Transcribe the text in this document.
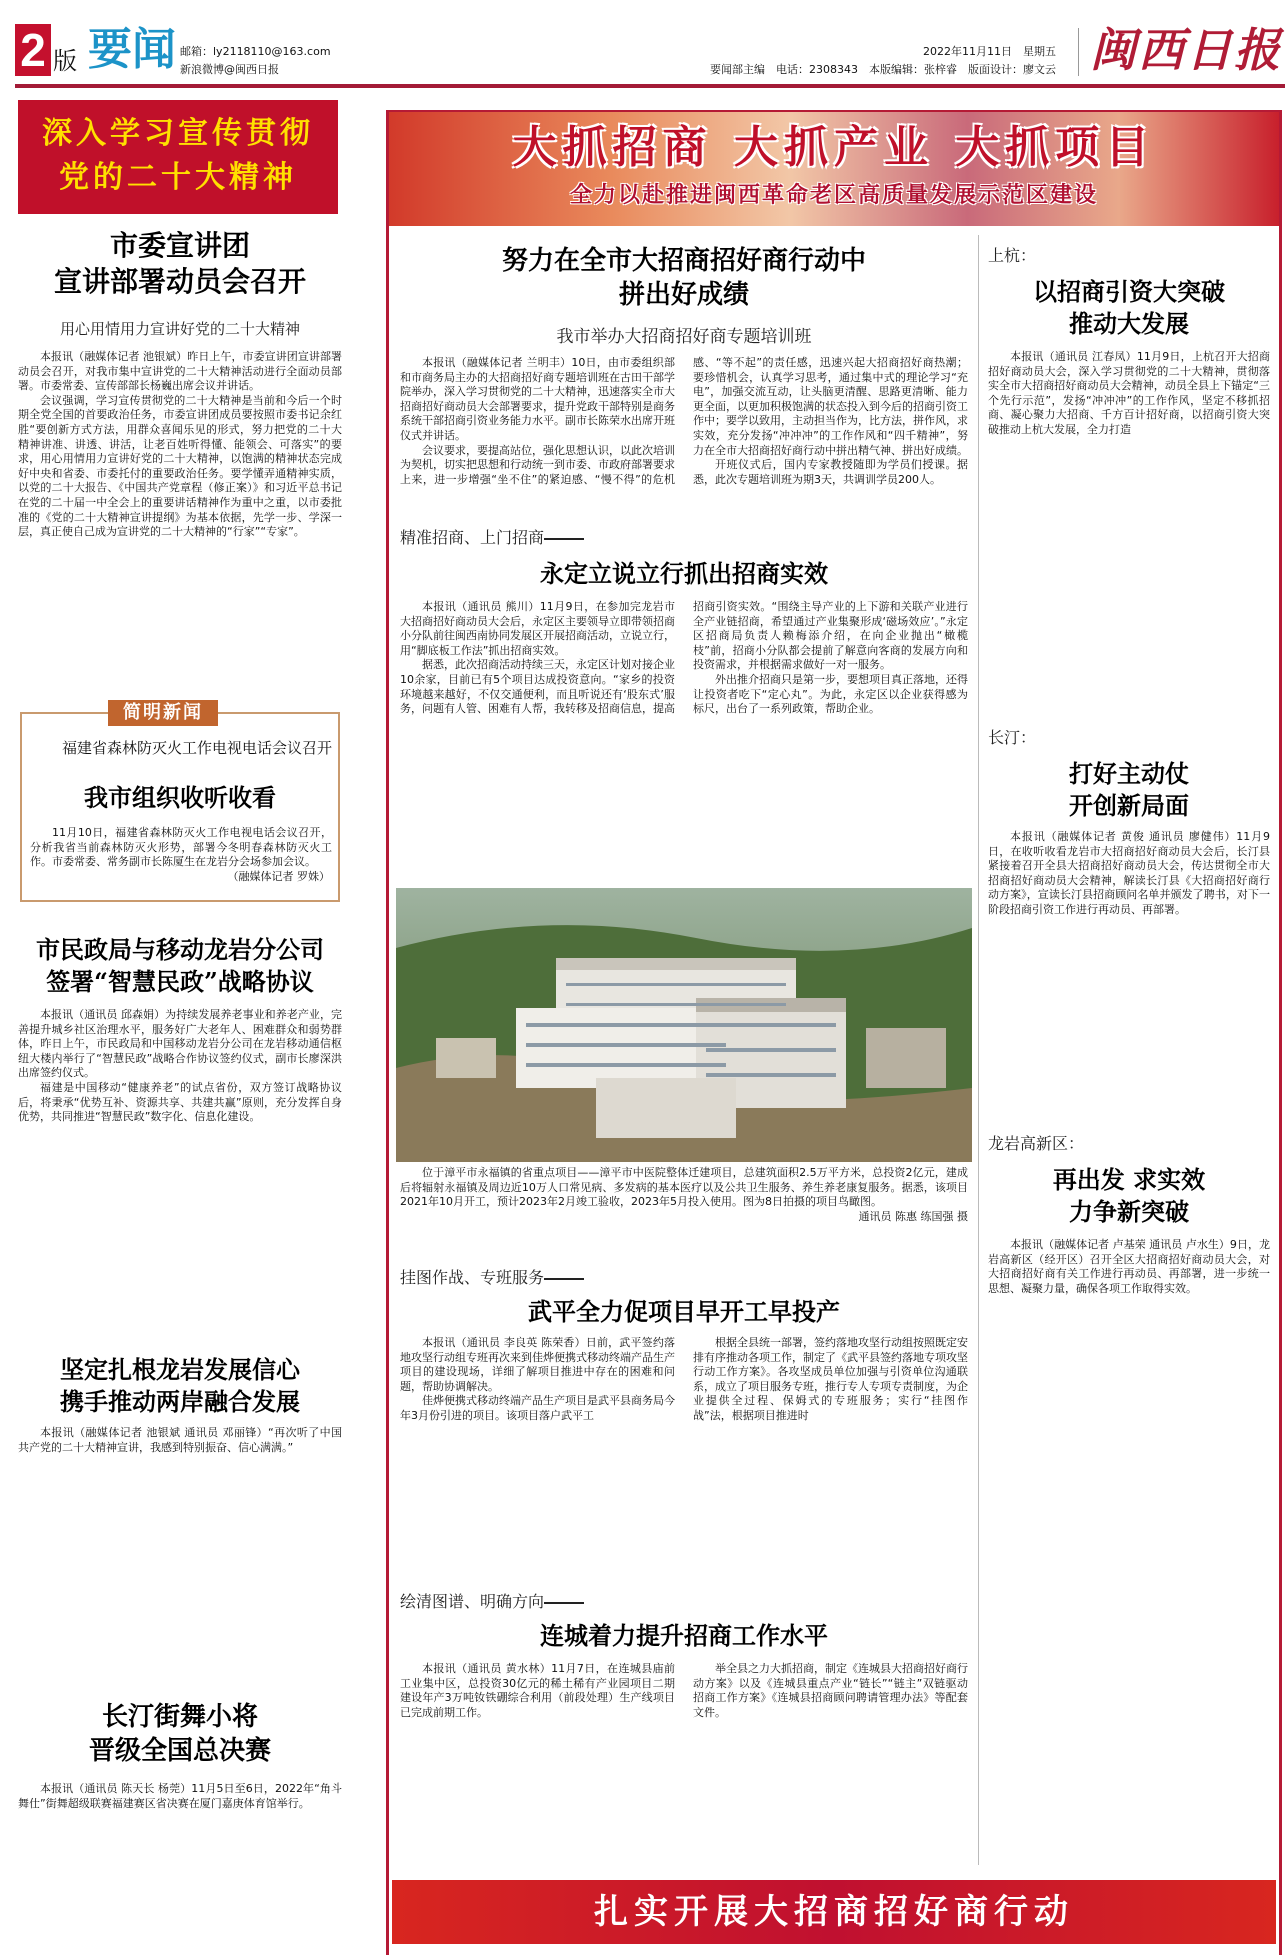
2 版 要闻 邮箱：ly2118110@163.com
新浪微博@闽西日报
2022年11月11日　星期五
要闻部主编　电话：2308343　本版编辑：张梓睿　版面设计：廖文云 闽西日报
深入学习宣传贯彻
党的二十大精神
市委宣讲团
宣讲部署动员会召开
用心用情用力宣讲好党的二十大精神

本报讯（融媒体记者 池银斌）昨日上午，市委宣讲团宣讲部署动员会召开，对我市集中宣讲党的二十大精神活动进行全面动员部署。市委常委、宣传部部长杨巍出席会议并讲话。

会议强调，学习宣传贯彻党的二十大精神是当前和今后一个时期全党全国的首要政治任务，市委宣讲团成员要按照市委书记余红胜“要创新方式方法，用群众喜闻乐见的形式，努力把党的二十大精神讲准、讲透、讲活，让老百姓听得懂、能领会、可落实”的要求，用心用情用力宣讲好党的二十大精神，以饱满的精神状态完成好中央和省委、市委托付的重要政治任务。要学懂弄通精神实质，以党的二十大报告、《中国共产党章程（修正案）》和习近平总书记在党的二十届一中全会上的重要讲话精神作为重中之重，以市委批准的《党的二十大精神宣讲提纲》为基本依据，先学一步、学深一层，真正使自己成为宣讲党的二十大精神的“行家”“专家”。

简明新闻
福建省森林防灭火工作电视电话会议召开
我市组织收听收看

11月10日，福建省森林防灭火工作电视电话会议召开，分析我省当前森林防灭火形势，部署今冬明春森林防灭火工作。市委常委、常务副市长陈厦生在龙岩分会场参加会议。

（融媒体记者 罗姝）
市民政局与移动龙岩分公司
签署“智慧民政”战略协议

本报讯（通讯员 邱森娟）为持续发展养老事业和养老产业，完善提升城乡社区治理水平，服务好广大老年人、困难群众和弱势群体，昨日上午，市民政局和中国移动龙岩分公司在龙岩移动通信枢纽大楼内举行了“智慧民政”战略合作协议签约仪式，副市长廖深洪出席签约仪式。

福建是中国移动“健康养老”的试点省份，双方签订战略协议后，将秉承“优势互补、资源共享、共建共赢”原则，充分发挥自身优势，共同推进“智慧民政”数字化、信息化建设。

坚定扎根龙岩发展信心
携手推动两岸融合发展

本报讯（融媒体记者 池银斌 通讯员 邓丽锋）“再次听了中国共产党的二十大精神宣讲，我感到特别振奋、信心满满。”

长汀街舞小将
晋级全国总决赛

本报讯（通讯员 陈天长 杨莞）11月5日至6日，2022年“角斗舞仕”街舞超级联赛福建赛区省决赛在厦门嘉庚体育馆举行。

大抓招商 大抓产业 大抓项目
全力以赴推进闽西革命老区高质量发展示范区建设
努力在全市大招商招好商行动中
拼出好成绩
我市举办大招商招好商专题培训班

本报讯（融媒体记者 兰明丰）10日，由市委组织部和市商务局主办的大招商招好商专题培训班在古田干部学院举办，深入学习贯彻党的二十大精神，迅速落实全市大招商招好商动员大会部署要求，提升党政干部特别是商务系统干部招商引资业务能力水平。副市长陈荣水出席开班仪式并讲话。

会议要求，要提高站位，强化思想认识，以此次培训为契机，切实把思想和行动统一到市委、市政府部署要求上来，进一步增强“坐不住”的紧迫感、“慢不得”的危机感、“等不起”的责任感，迅速兴起大招商招好商热潮；要珍惜机会，认真学习思考，通过集中式的理论学习“充电”，加强交流互动，让头脑更清醒、思路更清晰、能力更全面，以更加积极饱满的状态投入到今后的招商引资工作中；要学以致用，主动担当作为，比方法，拼作风，求实效，充分发扬“冲冲冲”的工作作风和“四千精神”，努力在全市大招商招好商行动中拼出精气神、拼出好成绩。

开班仪式后，国内专家教授随即为学员们授课。据悉，此次专题培训班为期3天，共调训学员200人。

精准招商、上门招商
永定立说立行抓出招商实效

本报讯（通讯员 熊川）11月9日，在参加完龙岩市大招商招好商动员大会后，永定区主要领导立即带领招商小分队前往闽西南协同发展区开展招商活动，立说立行，用“脚底板工作法”抓出招商实效。

据悉，此次招商活动持续三天，永定区计划对接企业10余家，目前已有5个项目达成投资意向。“家乡的投资环境越来越好，不仅交通便利，而且听说还有‘股东式’服务，问题有人管、困难有人帮，我转移及招商信息，提高招商引资实效。“围绕主导产业的上下游和关联产业进行全产业链招商，希望通过产业集聚形成‘磁场效应’。”永定区招商局负责人赖梅添介绍，在向企业抛出“橄榄枝”前，招商小分队都会提前了解意向客商的发展方向和投资需求，并根据需求做好一对一服务。

外出推介招商只是第一步，要想项目真正落地，还得让投资者吃下“定心丸”。为此，永定区以企业获得感为标尺，出台了一系列政策，帮助企业。

位于漳平市永福镇的省重点项目——漳平市中医院整体迁建项目，总建筑面积2.5万平方米，总投资2亿元，建成后将辐射永福镇及周边近10万人口常见病、多发病的基本医疗以及公共卫生服务、养生养老康复服务。据悉，该项目2021年10月开工，预计2023年2月竣工验收，2023年5月投入使用。图为8日拍摄的项目鸟瞰图。

通讯员 陈惠 练国强 摄
挂图作战、专班服务
武平全力促项目早开工早投产

本报讯（通讯员 李良英 陈荣香）日前，武平签约落地攻坚行动组专班再次来到佳烨便携式移动终端产品生产项目的建设现场，详细了解项目推进中存在的困难和问题，帮助协调解决。

佳烨便携式移动终端产品生产项目是武平县商务局今年3月份引进的项目。该项目落户武平工

根据全县统一部署，签约落地攻坚行动组按照既定安排有序推动各项工作，制定了《武平县签约落地专项攻坚行动工作方案》。各攻坚成员单位加强与引资单位沟通联系，成立了项目服务专班，推行专人专项专责制度，为企业提供全过程、保姆式的专班服务；实行“挂图作战”法，根据项目推进时

绘清图谱、明确方向
连城着力提升招商工作水平

本报讯（通讯员 黄水林）11月7日，在连城县庙前工业集中区，总投资30亿元的稀土稀有产业园项目二期建设年产3万吨钕铁硼综合利用（前段处理）生产线项目已完成前期工作。

举全县之力大抓招商，制定《连城县大招商招好商行动方案》以及《连城县重点产业“链长”“链主”双链驱动招商工作方案》《连城县招商顾问聘请管理办法》等配套文件。

上杭：
以招商引资大突破
推动大发展

本报讯（通讯员 江春凤）11月9日，上杭召开大招商招好商动员大会，深入学习贯彻党的二十大精神，贯彻落实全市大招商招好商动员大会精神，动员全县上下锚定“三个先行示范”，发扬“冲冲冲”的工作作风，坚定不移抓招商、凝心聚力大招商、千方百计招好商，以招商引资大突破推动上杭大发展，全力打造

长汀：
打好主动仗
开创新局面

本报讯（融媒体记者 黄俊 通讯员 廖健伟）11月9日，在收听收看龙岩市大招商招好商动员大会后，长汀县紧接着召开全县大招商招好商动员大会，传达贯彻全市大招商招好商动员大会精神，解读长汀县《大招商招好商行动方案》，宣读长汀县招商顾问名单并颁发了聘书，对下一阶段招商引资工作进行再动员、再部署。

龙岩高新区：
再出发 求实效
力争新突破

本报讯（融媒体记者 卢基荣 通讯员 卢水生）9日，龙岩高新区（经开区）召开全区大招商招好商动员大会，对大招商招好商有关工作进行再动员、再部署，进一步统一思想、凝聚力量，确保各项工作取得实效。

扎实开展大招商招好商行动
